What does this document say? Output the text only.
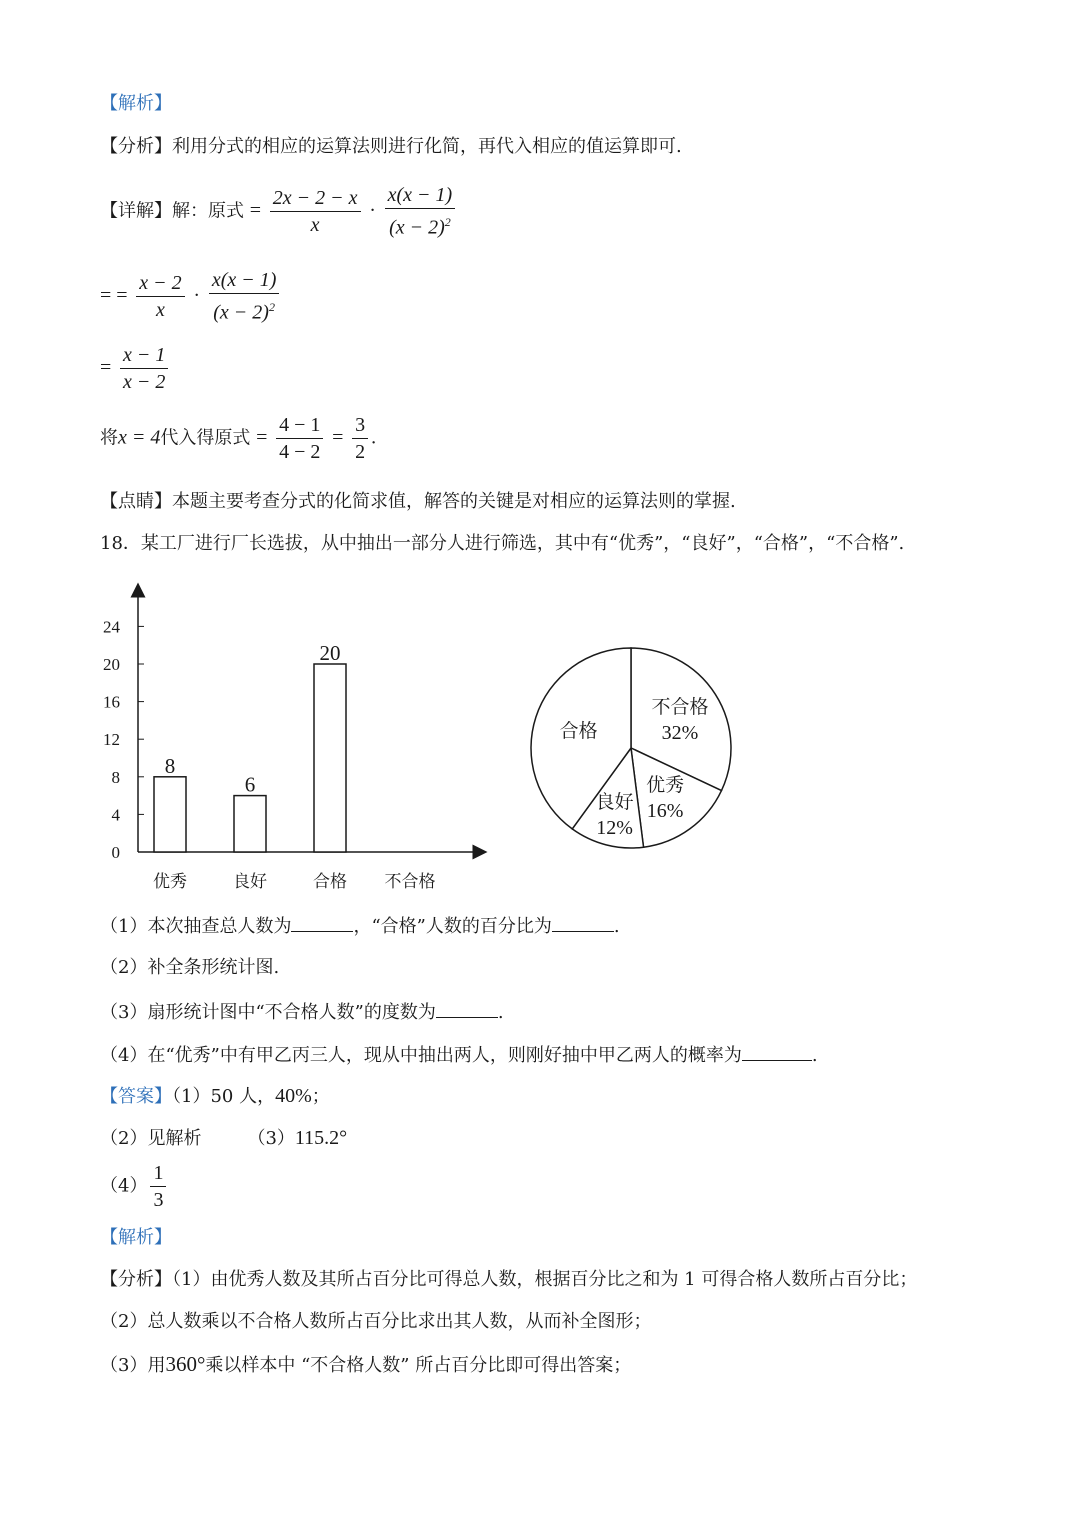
【解析】
【分析】利用分式的相应的运算法则进行化简，再代入相应的值运算即可.
【详解】解：原式 = $\frac{2x - 2 - x}{x} \cdot \frac{x(x - 1)}{(x - 2)^2}$
= = $\frac{x - 2}{x} \cdot \frac{x(x - 1)}{(x - 2)^2}$
= $\frac{x - 1}{x - 2}$
将x = 4代入得原式 = $\frac{4 - 1}{4 - 2} = \frac{3}{2}$ .
【点睛】本题主要考查分式的化简求值，解答的关键是对相应的运算法则的掌握.
18．某工厂进行厂长选拔，从中抽出一部分人进行筛选，其中有“优秀”，“良好”，“合格”，“不合格”.
0
4
8
12
16
20
24
8
6
20
优秀	良好	合格 不合格
不合格
32%
优秀
16%
良好
12%
合格
（1）本次抽查总人数为	，“合格”人数的百分比为	.
（2）补全条形统计图.
（3）扇形统计图中“不合格人数”的度数为	.
（4）在“优秀”中有甲乙丙三人，现从中抽出两人，则刚好抽中甲乙两人的概率为	.
【答案】（1）50 人，40%；
（2）见解析	（3）115.2°
$(4) \frac{1}{3}$
【解析】
【分析】（1）由优秀人数及其所占百分比可得总人数，根据百分比之和为 1 可得合格人数所占百分比；
（2）总人数乘以不合格人数所占百分比求出其人数，从而补全图形；
（3）用360°乘以样本中 “不合格人数” 所占百分比即可得出答案；
